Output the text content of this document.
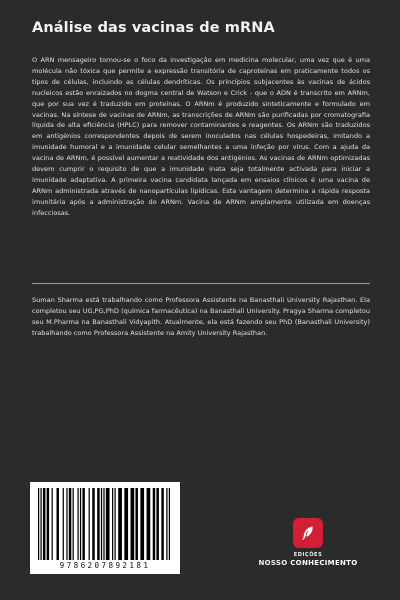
Análise das vacinas de mRNA
O ARN mensageiro tornou-se o foco da investigação em medicina molecular, uma vez que é uma molécula não tóxica que permite a expressão transitória de caproteínas em praticamente todos os tipos de células, incluindo as células dendríticas. Os princípios subjacentes às vacinas de ácidos nucleicos estão enraizados no dogma central de Watson e Crick - que o ADN é transcrito em ARNm, que por sua vez é traduzido em proteínas. O ARNm é produzido sinteticamente e formulado em vacinas. Na síntese de vacinas de ARNm, as transcrições de ARNm são purificadas por cromatografia líquida de alta eficiência (HPLC) para remover contaminantes e reagentes. Os ARNm são traduzidos em antigénios correspondentes depois de serem inoculados nas células hospedeiras, imitando a imunidade humoral e a imunidade celular semelhantes a uma infeção por vírus. Com a ajuda da vacina de ARNm, é possível aumentar a reatividade dos antigénios. As vacinas de ARNm optimizadas devem cumprir o requisito de que a imunidade inata seja totalmente activada para iniciar a imunidade adaptativa. A primeira vacina candidata lançada em ensaios clínicos é uma vacina de ARNm administrada através de nanopartículas lipídicas. Esta vantagem determina a rápida resposta imunitária após a administração do ARNm. Vacina de ARNm amplamente utilizada em doenças infecciosas.
Suman Sharma está trabalhando como Professora Assistente na Banasthali University Rajasthan. Ela completou seu UG,PG,PhD (química farmacêutica) na Banasthali University. Pragya Sharma completou seu M.Pharma na Banasthali Vidyapith. Atualmente, ela está fazendo seu PhD (Banasthali University) trabalhando como Professora Assistente na Amity University Rajasthan.
9786207892181
EDIÇÕES
NOSSO CONHECIMENTO
